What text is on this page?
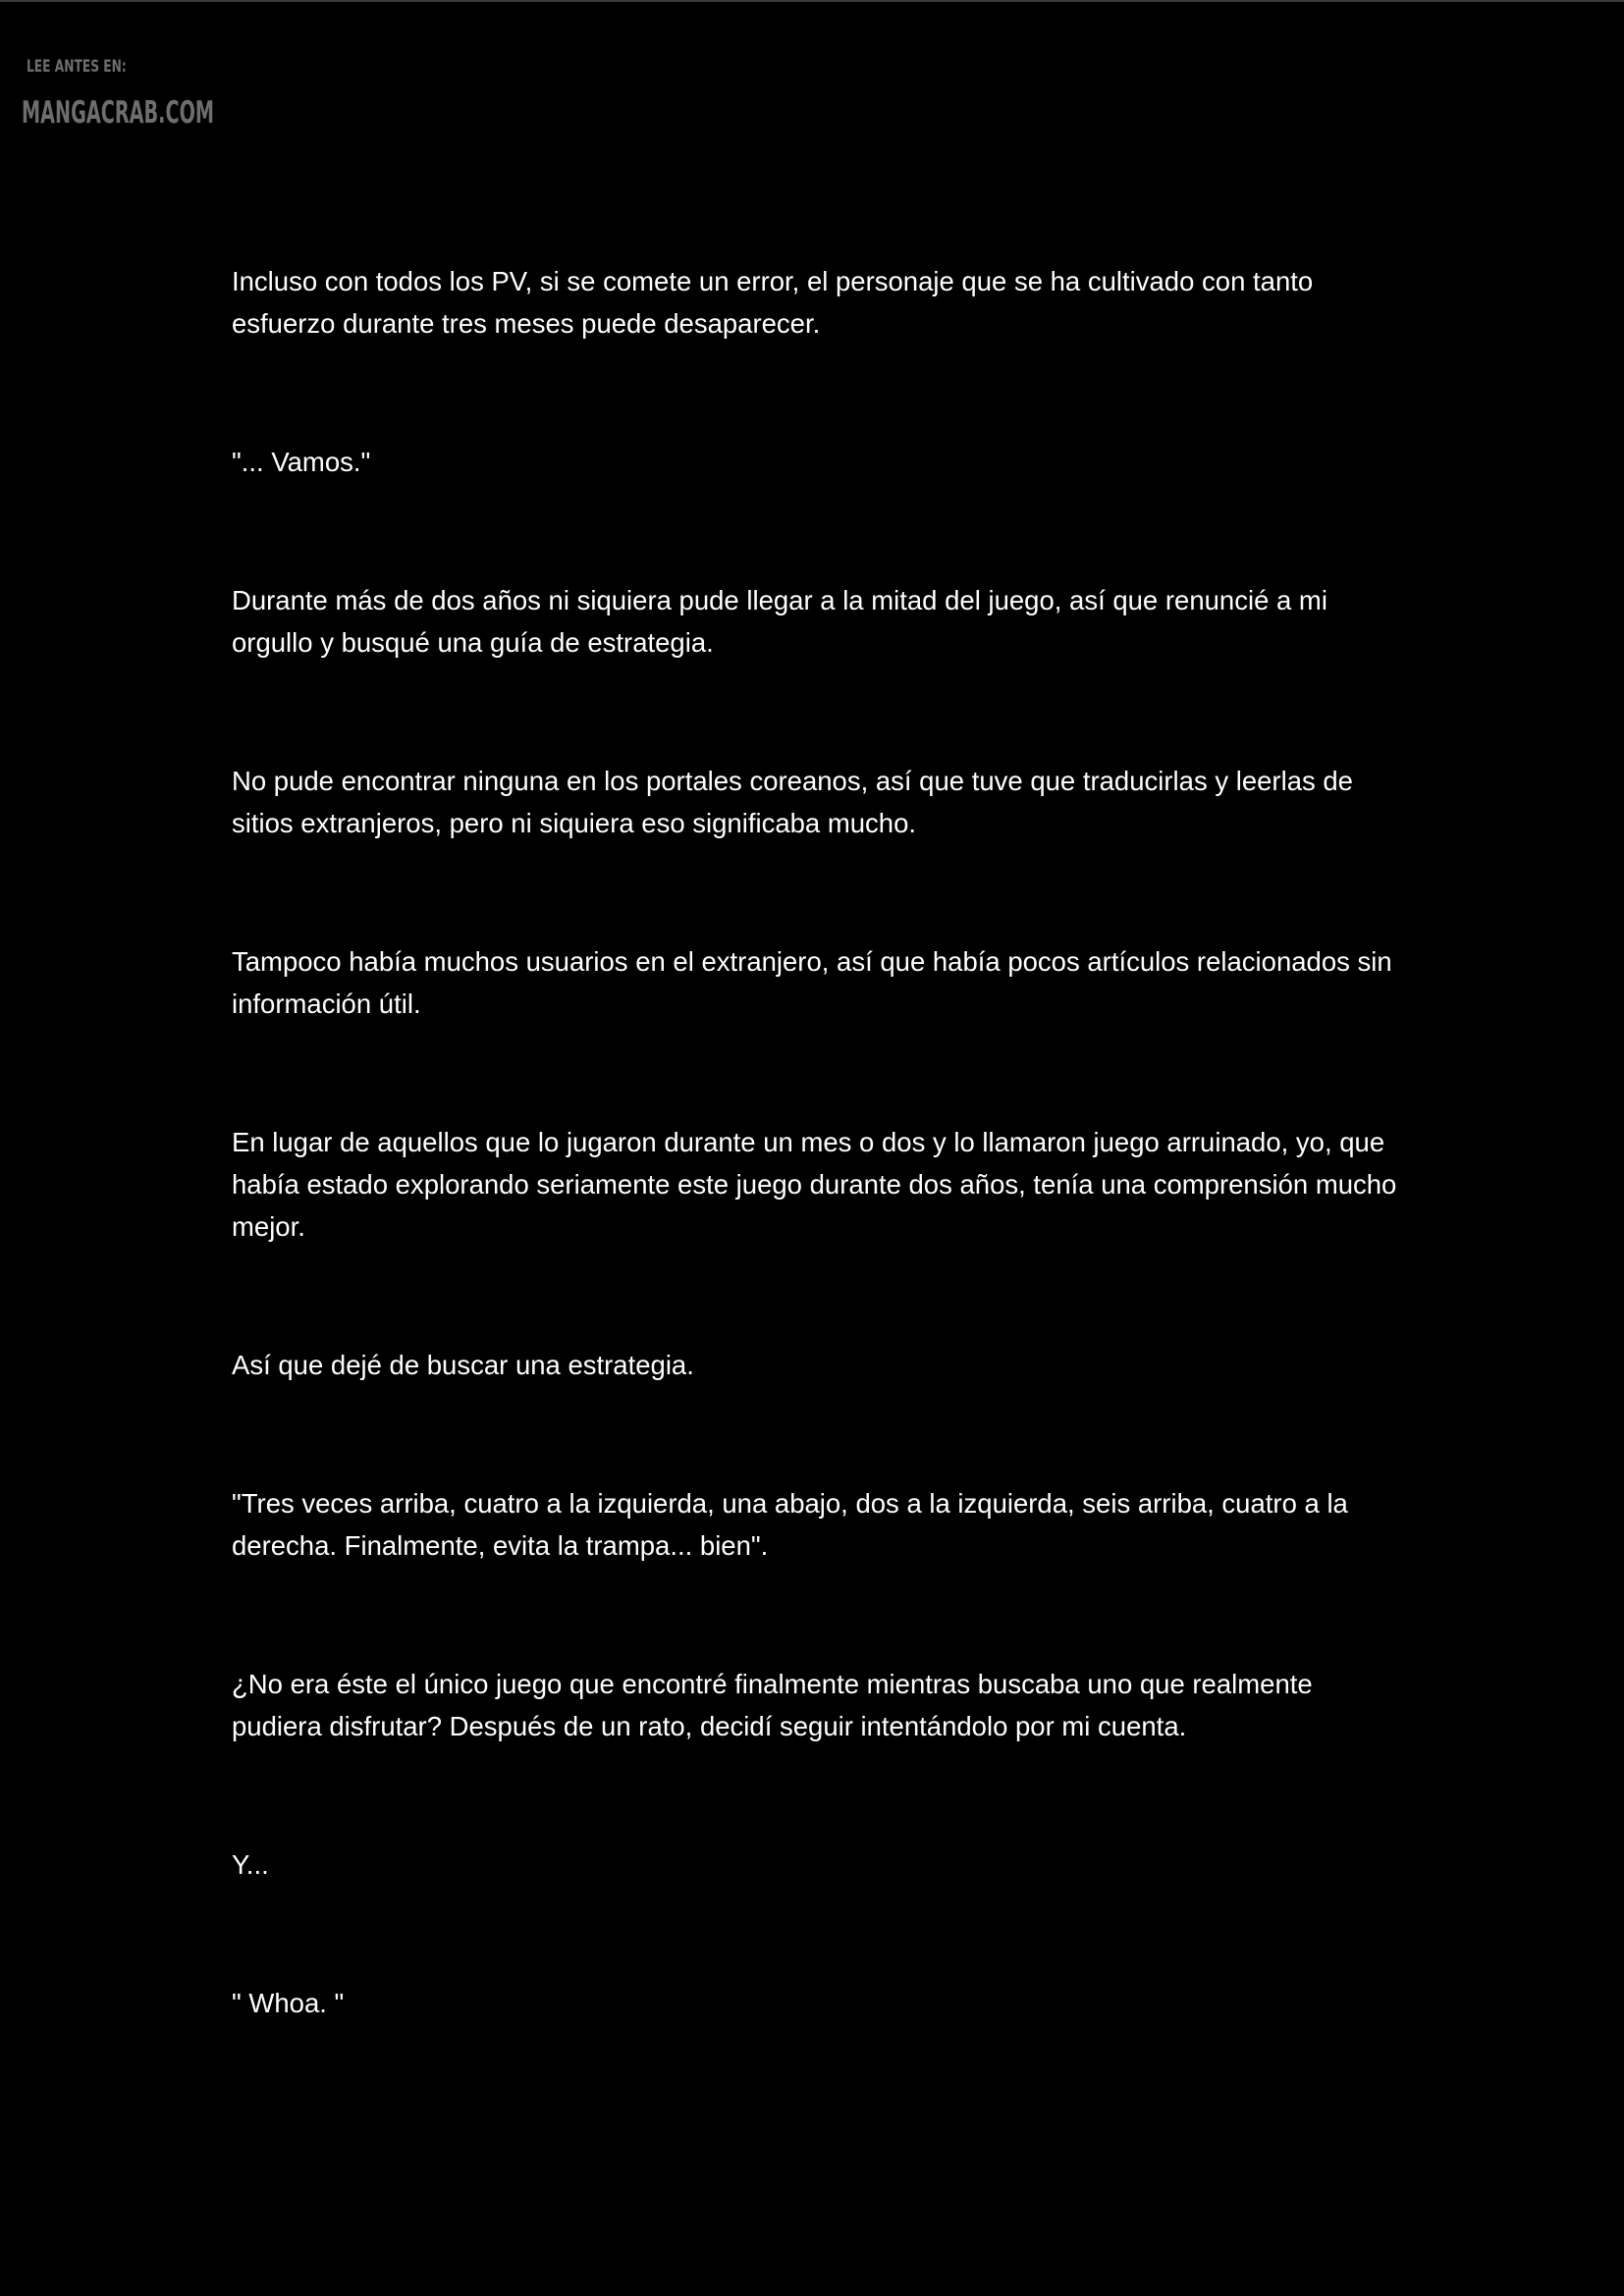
LEE ANTES EN:
MANGACRAB.COM

Incluso con todos los PV, si se comete un error, el personaje que se ha cultivado con tanto esfuerzo durante tres meses puede desaparecer.

"... Vamos."

Durante más de dos años ni siquiera pude llegar a la mitad del juego, así que renuncié a mi orgullo y busqué una guía de estrategia.

No pude encontrar ninguna en los portales coreanos, así que tuve que traducirlas y leerlas de sitios extranjeros, pero ni siquiera eso significaba mucho.

Tampoco había muchos usuarios en el extranjero, así que había pocos artículos relacionados sin información útil.

En lugar de aquellos que lo jugaron durante un mes o dos y lo llamaron juego arruinado, yo, que había estado explorando seriamente este juego durante dos años, tenía una comprensión mucho mejor.

Así que dejé de buscar una estrategia.

"Tres veces arriba, cuatro a la izquierda, una abajo, dos a la izquierda, seis arriba, cuatro a la derecha. Finalmente, evita la trampa... bien".

¿No era éste el único juego que encontré finalmente mientras buscaba uno que realmente pudiera disfrutar? Después de un rato, decidí seguir intentándolo por mi cuenta.

Y...

" Whoa. "
